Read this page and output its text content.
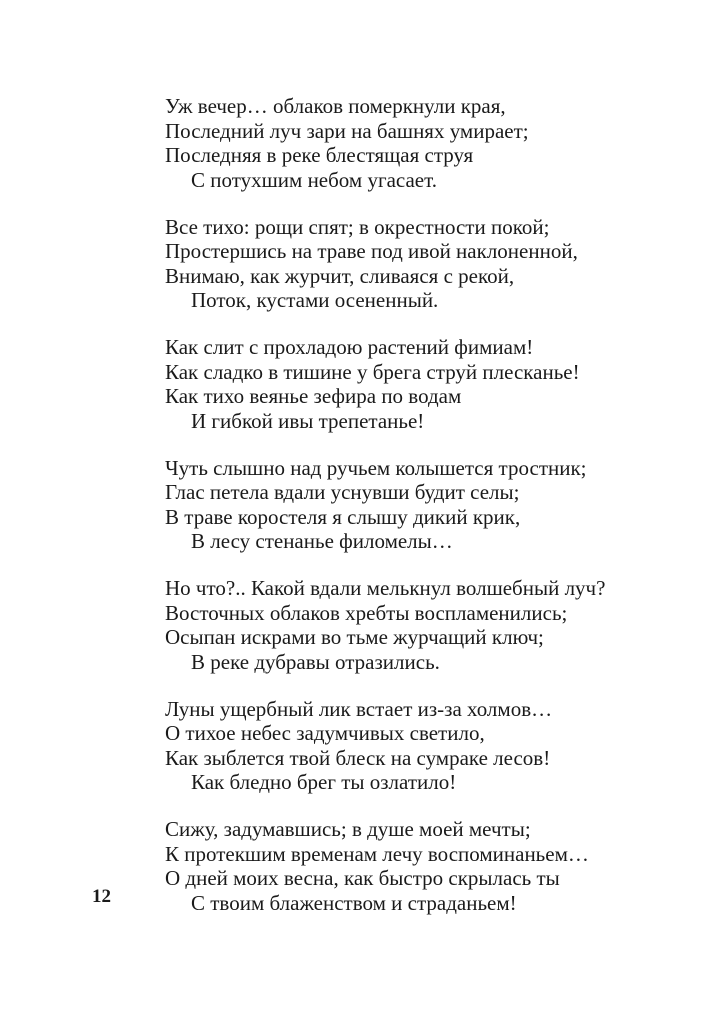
Уж вечер… облаков померкнули края,
Последний луч зари на башнях умирает;
Последняя в реке блестящая струя
С потухшим небом угасает.
Все тихо: рощи спят; в окрестности покой;
Простершись на траве под ивой наклоненной,
Внимаю, как журчит, сливаяся с рекой,
Поток, кустами осененный.
Как слит с прохладою растений фимиам!
Как сладко в тишине у брега струй плесканье!
Как тихо веянье зефира по водам
И гибкой ивы трепетанье!
Чуть слышно над ручьем колышется тростник;
Глас петела вдали уснувши будит селы;
В траве коростеля я слышу дикий крик,
В лесу стенанье филомелы…
Но что?.. Какой вдали мелькнул волшебный луч?
Восточных облаков хребты воспламенились;
Осыпан искрами во тьме журчащий ключ;
В реке дубравы отразились.
Луны ущербный лик встает из-за холмов…
О тихое небес задумчивых светило,
Как зыблется твой блеск на сумраке лесов!
Как бледно брег ты озлатило!
Сижу, задумавшись; в душе моей мечты;
К протекшим временам лечу воспоминаньем…
О дней моих весна, как быстро скрылась ты
С твоим блаженством и страданьем!
12
